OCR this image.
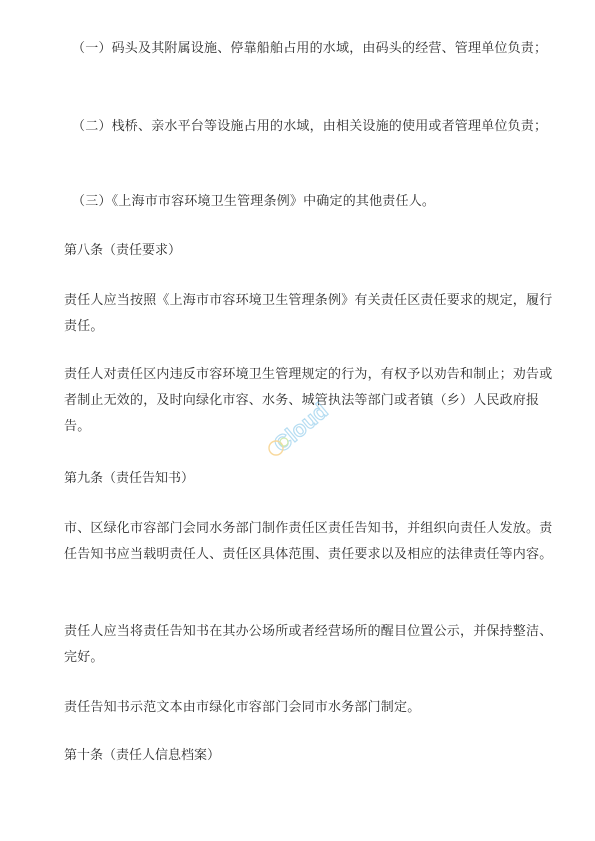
（一）码头及其附属设施、停靠船舶占用的水域，由码头的经营、管理单位负责；

（二）栈桥、亲水平台等设施占用的水域，由相关设施的使用或者管理单位负责；

（三）《上海市市容环境卫生管理条例》中确定的其他责任人。

第八条（责任要求）

责任人应当按照《上海市市容环境卫生管理条例》有关责任区责任要求的规定，履行责任。

责任人对责任区内违反市容环境卫生管理规定的行为，有权予以劝告和制止；劝告或者制止无效的，及时向绿化市容、水务、城管执法等部门或者镇（乡）人民政府报告。

第九条（责任告知书）

市、区绿化市容部门会同水务部门制作责任区责任告知书，并组织向责任人发放。责任告知书应当载明责任人、责任区具体范围、责任要求以及相应的法律责任等内容。

责任人应当将责任告知书在其办公场所或者经营场所的醒目位置公示，并保持整洁、完好。

责任告知书示范文本由市绿化市容部门会同市水务部门制定。

第十条（责任人信息档案）

Cloud
